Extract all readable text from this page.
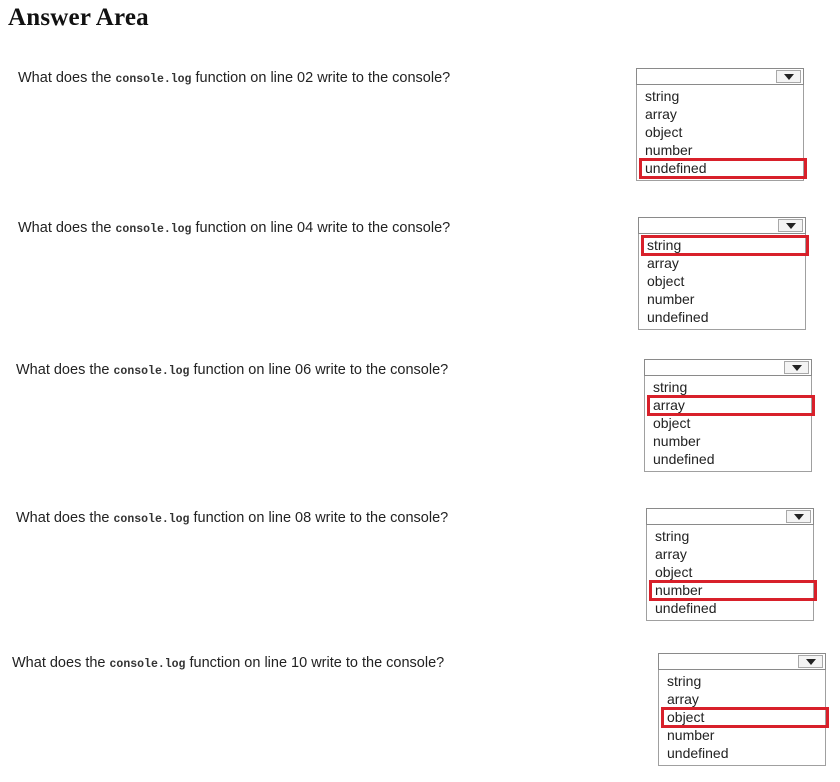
Answer Area
What does the console.log function on line 02 write to the console?
string
array
object
number
undefined
What does the console.log function on line 04 write to the console?
string
array
object
number
undefined
What does the console.log function on line 06 write to the console?
string
array
object
number
undefined
What does the console.log function on line 08 write to the console?
string
array
object
number
undefined
What does the console.log function on line 10 write to the console?
string
array
object
number
undefined
